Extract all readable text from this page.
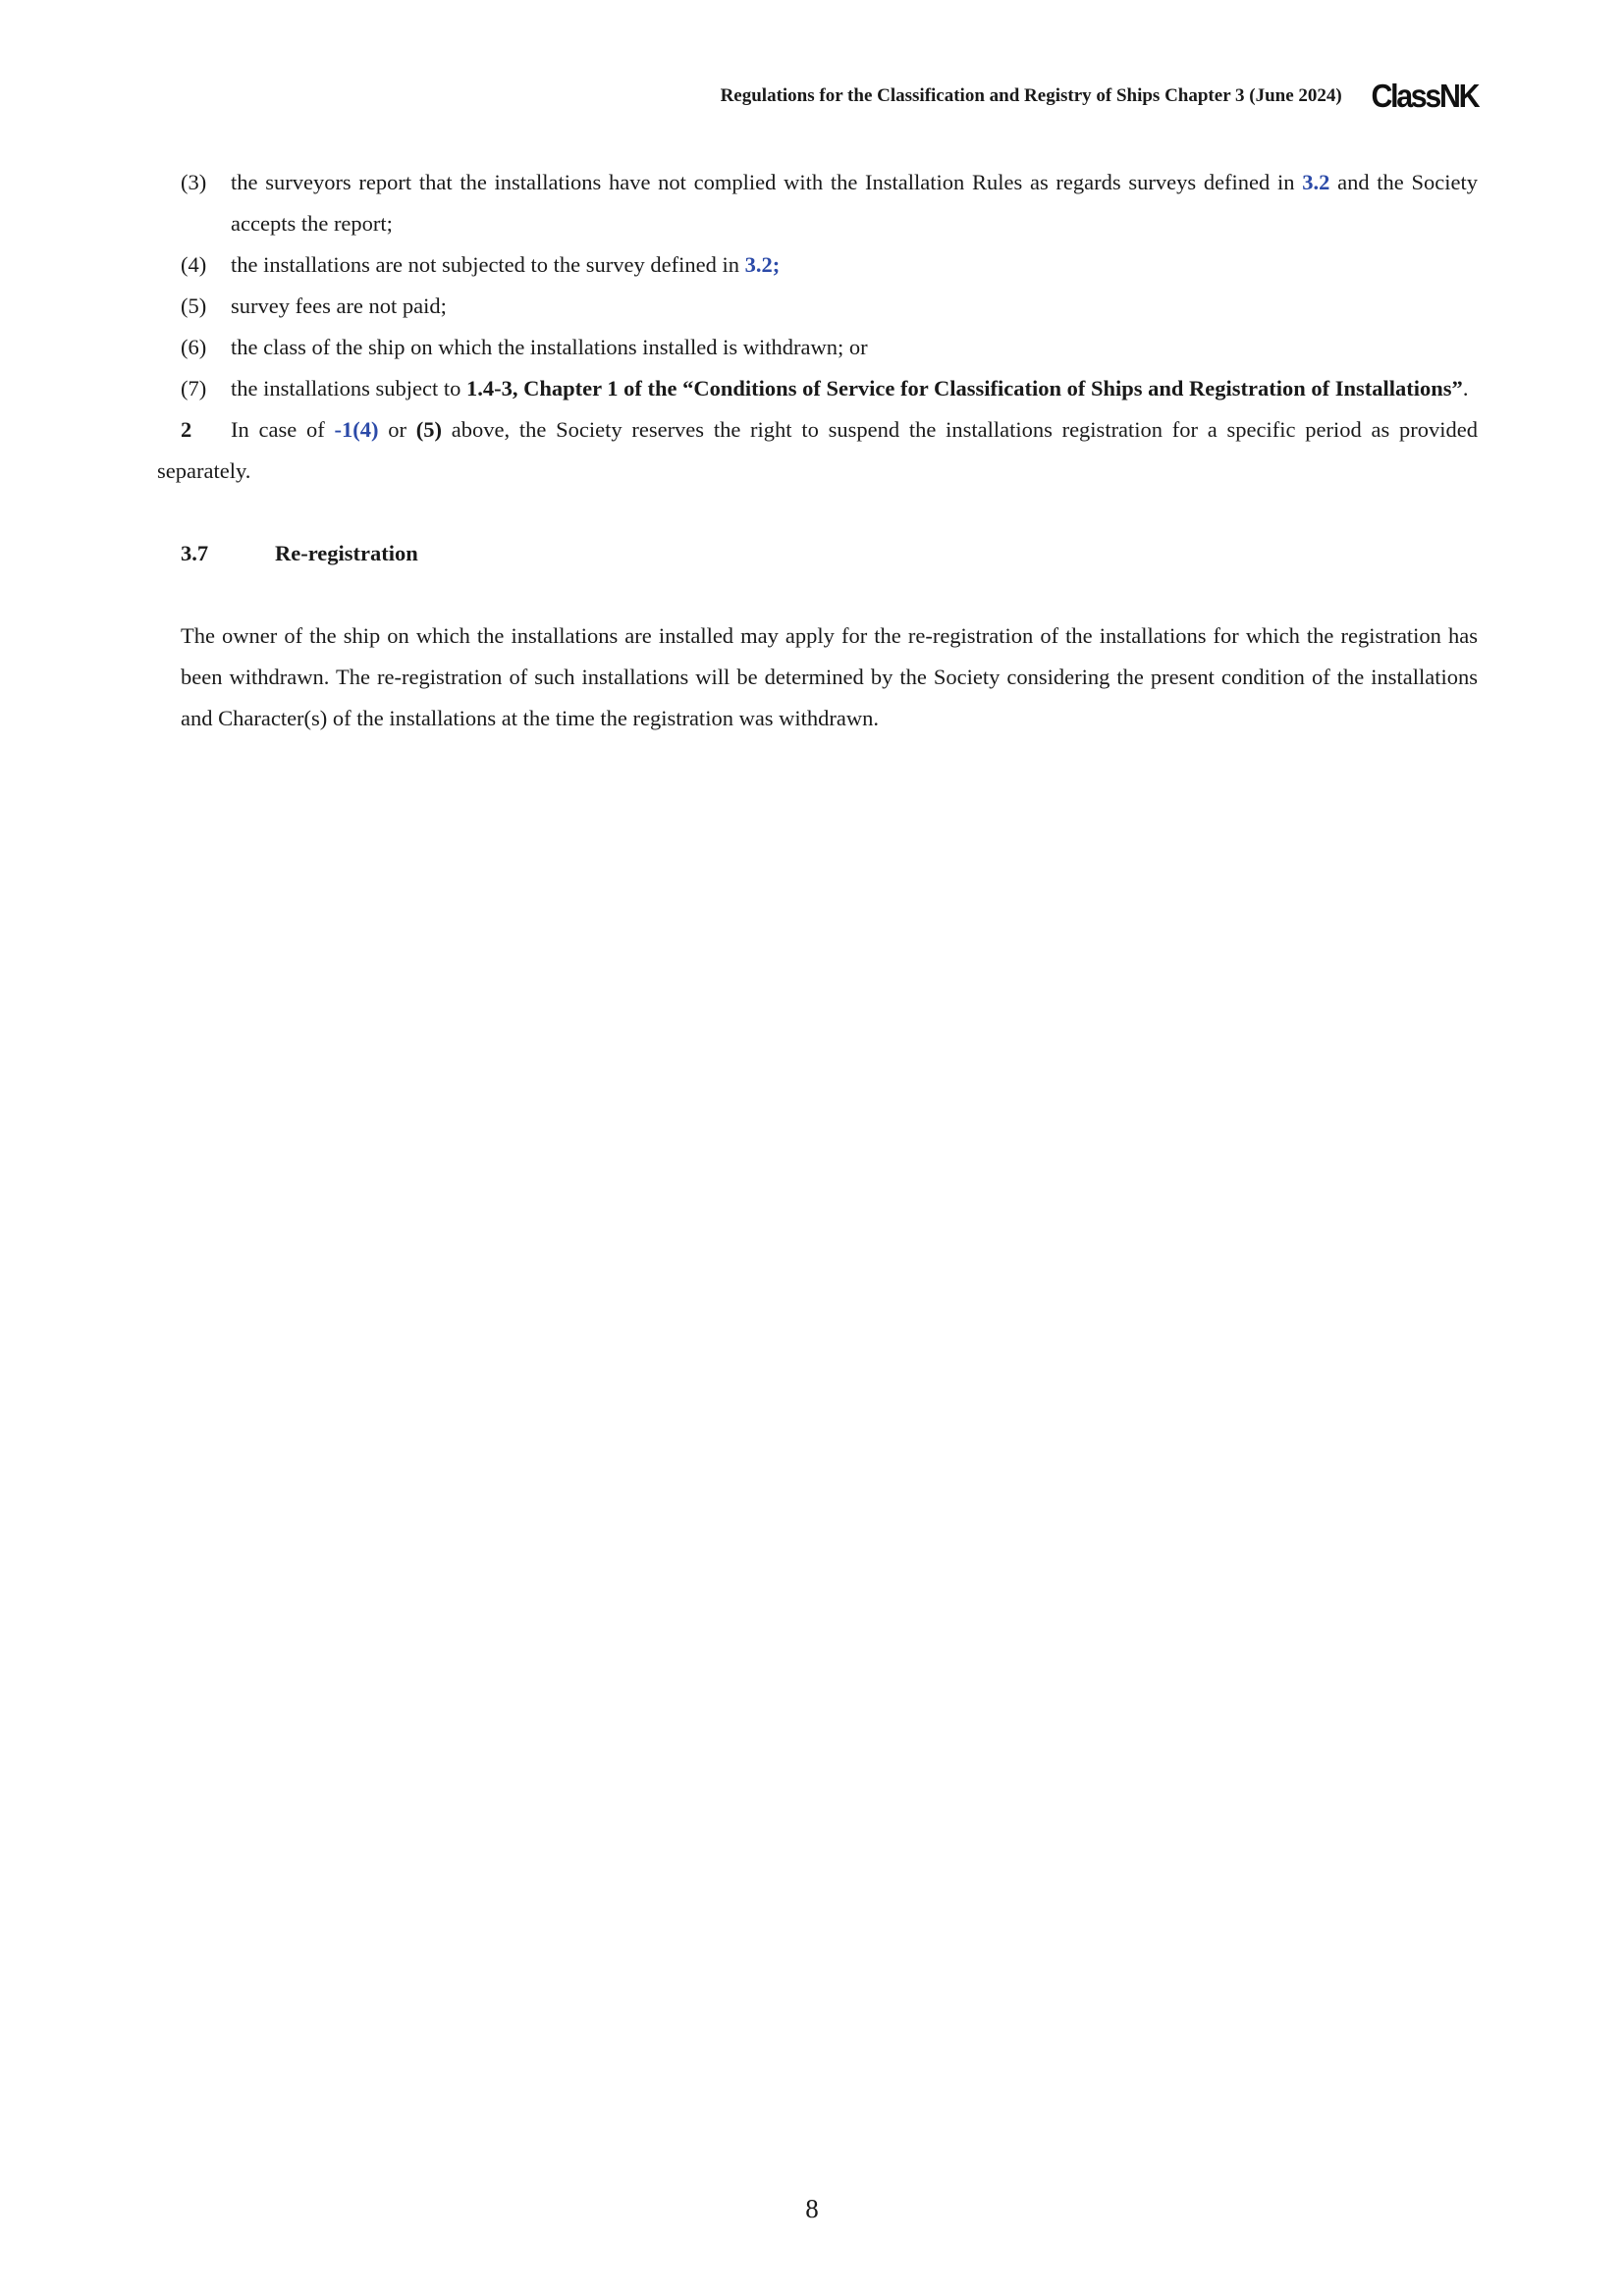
Regulations for the Classification and Registry of Ships Chapter 3 (June 2024) ClassNK
(3)	the surveyors report that the installations have not complied with the Installation Rules as regards surveys defined in 3.2 and the Society accepts the report;
(4)	the installations are not subjected to the survey defined in 3.2;
(5)	survey fees are not paid;
(6)	the class of the ship on which the installations installed is withdrawn; or
(7)	the installations subject to 1.4-3, Chapter 1 of the “Conditions of Service for Classification of Ships and Registration of Installations”.

2 In case of -1(4) or (5) above, the Society reserves the right to suspend the installations registration for a specific period as provided separately.

3.7	Re-registration

The owner of the ship on which the installations are installed may apply for the re-registration of the installations for which the registration has been withdrawn. The re-registration of such installations will be determined by the Society considering the present condition of the installations and Character(s) of the installations at the time the registration was withdrawn.

8
